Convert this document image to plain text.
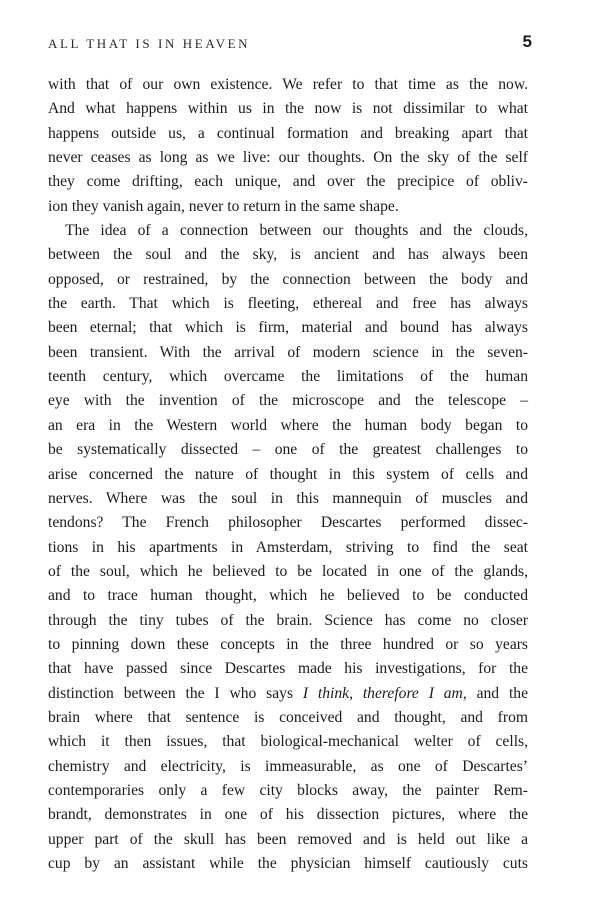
ALL THAT IS IN HEAVEN	5
with that of our own existence. We refer to that time as the now.
And what happens within us in the now is not dissimilar to what
happens outside us, a continual formation and breaking apart that
never ceases as long as we live: our thoughts. On the sky of the self
they come drifting, each unique, and over the precipice of obliv-
ion they vanish again, never to return in the same shape.
The idea of a connection between our thoughts and the clouds,
between the soul and the sky, is ancient and has always been
opposed, or restrained, by the connection between the body and
the earth. That which is fleeting, ethereal and free has always
been eternal; that which is firm, material and bound has always
been transient. With the arrival of modern science in the seven-
teenth century, which overcame the limitations of the human
eye with the invention of the microscope and the telescope –
an era in the Western world where the human body began to
be systematically dissected – one of the greatest challenges to
arise concerned the nature of thought in this system of cells and
nerves. Where was the soul in this mannequin of muscles and
tendons? The French philosopher Descartes performed dissec-
tions in his apartments in Amsterdam, striving to find the seat
of the soul, which he believed to be located in one of the glands,
and to trace human thought, which he believed to be conducted
through the tiny tubes of the brain. Science has come no closer
to pinning down these concepts in the three hundred or so years
that have passed since Descartes made his investigations, for the
distinction between the I who says I think, therefore I am, and the
brain where that sentence is conceived and thought, and from
which it then issues, that biological-mechanical welter of cells,
chemistry and electricity, is immeasurable, as one of Descartes’
contemporaries only a few city blocks away, the painter Rem-
brandt, demonstrates in one of his dissection pictures, where the
upper part of the skull has been removed and is held out like a
cup by an assistant while the physician himself cautiously cuts
